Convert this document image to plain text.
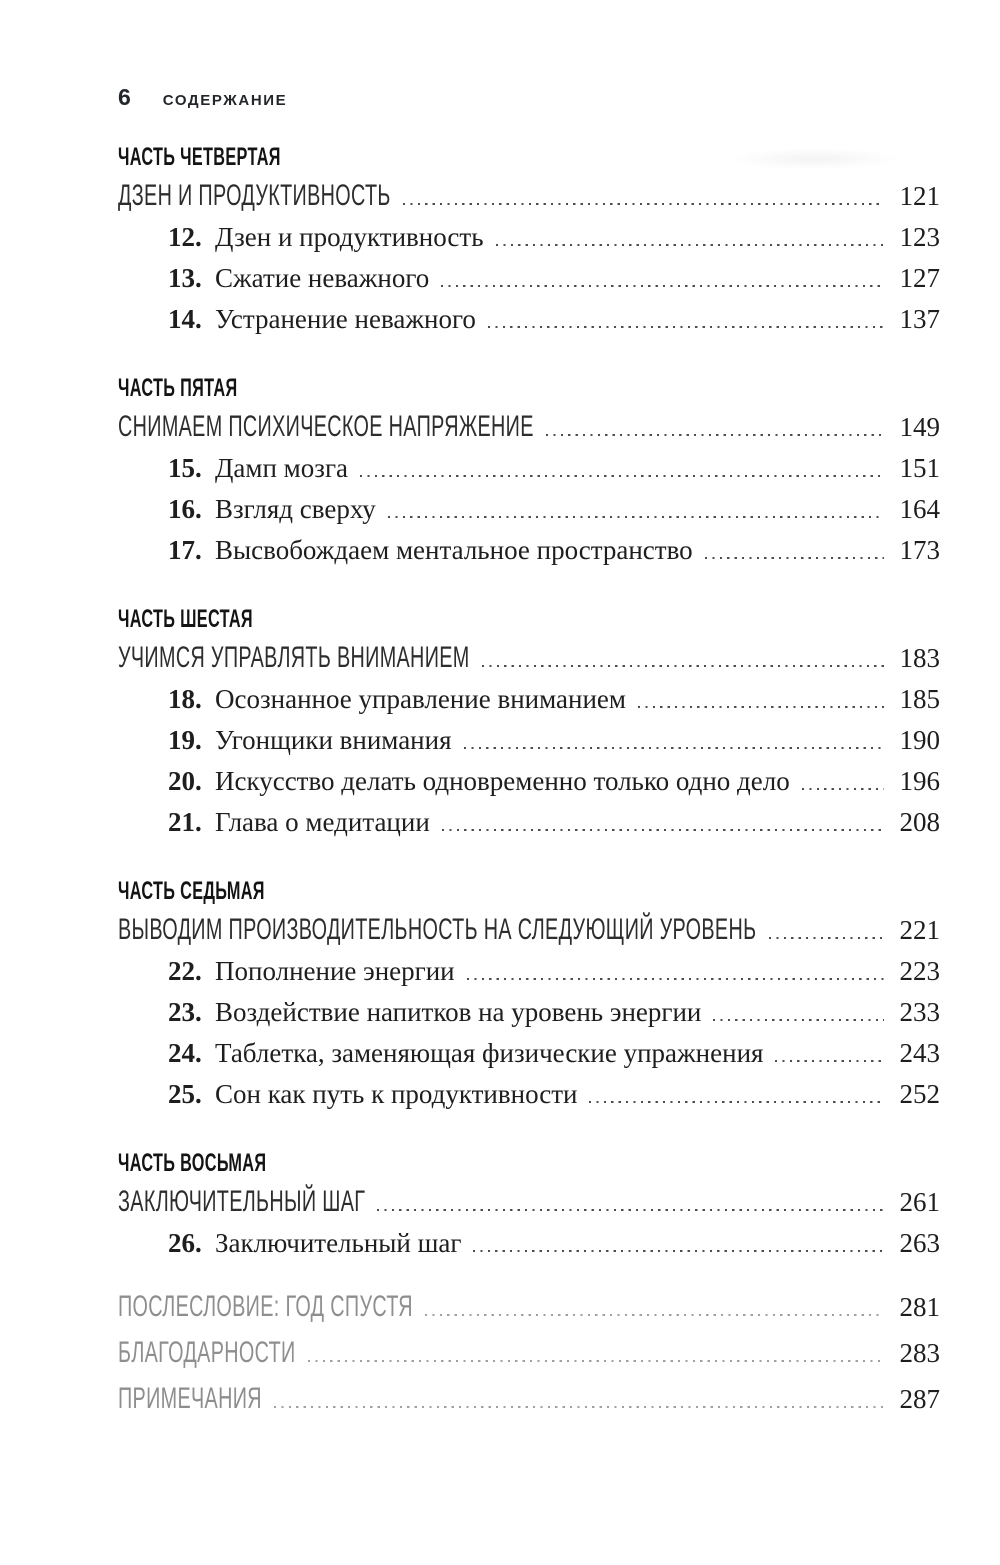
6 СОДЕРЖАНИЕ
ЧАСТЬ ЧЕТВЕРТАЯ
ДЗЕН И ПРОДУКТИВНОСТЬ	121
12. Дзен и продуктивность	123
13. Сжатие неважного	127
14. Устранение неважного	137
ЧАСТЬ ПЯТАЯ
СНИМАЕМ ПСИХИЧЕСКОЕ НАПРЯЖЕНИЕ	149
15. Дамп мозга	151
16. Взгляд сверху	164
17. Высвобождаем ментальное пространство	173
ЧАСТЬ ШЕСТАЯ
УЧИМСЯ УПРАВЛЯТЬ ВНИМАНИЕМ	183
18. Осознанное управление вниманием	185
19. Угонщики внимания	190
20. Искусство делать одновременно только одно дело	196
21. Глава о медитации	208
ЧАСТЬ СЕДЬМАЯ
ВЫВОДИМ ПРОИЗВОДИТЕЛЬНОСТЬ НА СЛЕДУЮЩИЙ УРОВЕНЬ	221
22. Пополнение энергии	223
23. Воздействие напитков на уровень энергии	233
24. Таблетка, заменяющая физические упражнения	243
25. Сон как путь к продуктивности	252
ЧАСТЬ ВОСЬМАЯ
ЗАКЛЮЧИТЕЛЬНЫЙ ШАГ	261
26. Заключительный шаг	263
ПОСЛЕСЛОВИЕ: ГОД СПУСТЯ	281
БЛАГОДАРНОСТИ	283
ПРИМЕЧАНИЯ	287
